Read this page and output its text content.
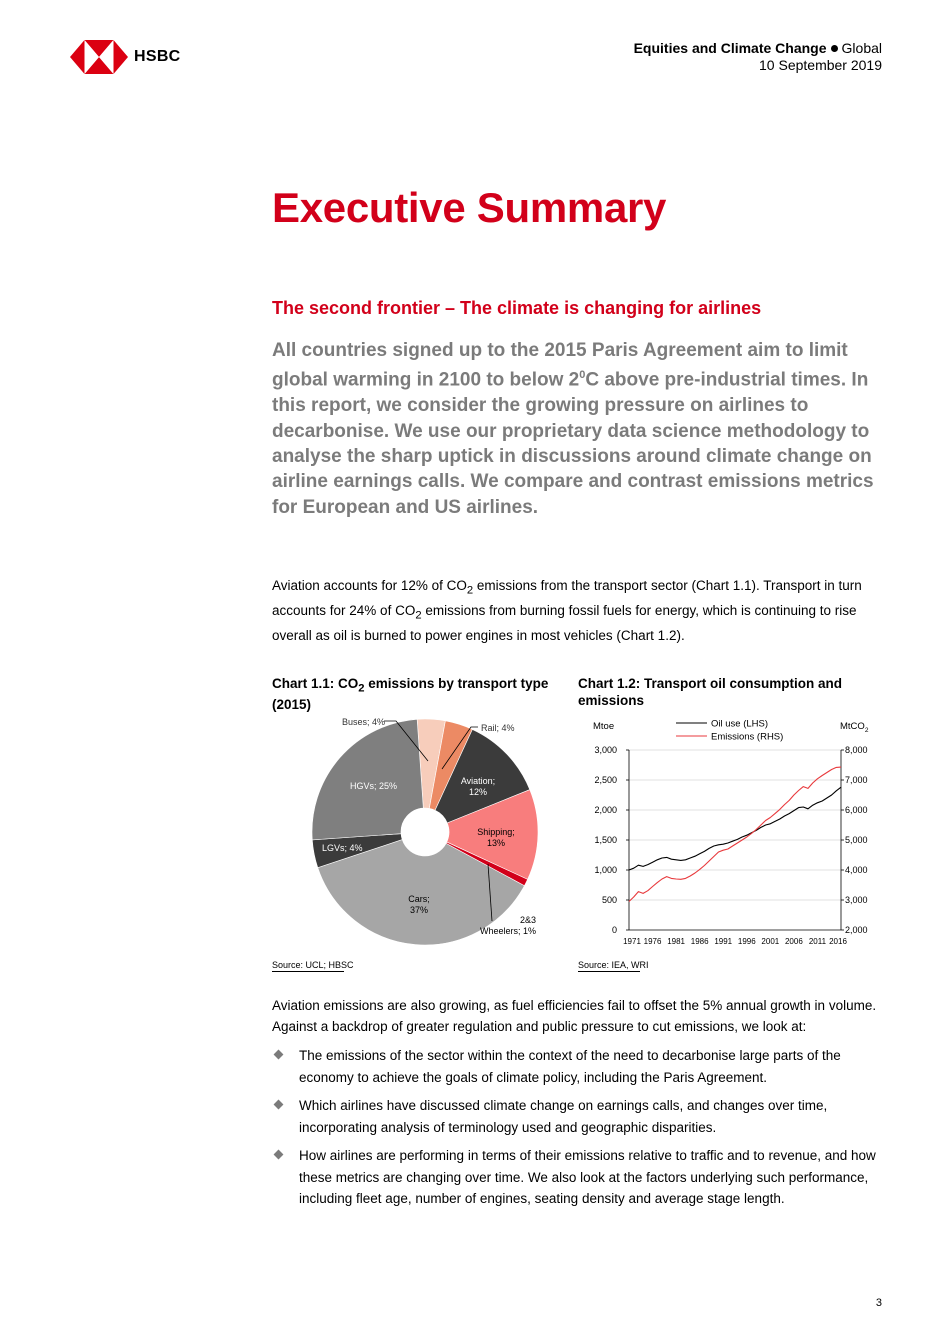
HSBC	Equities and Climate Change Global
10 September 2019
Executive Summary
The second frontier – The climate is changing for airlines

All countries signed up to the 2015 Paris Agreement aim to limit global warming in 2100 to below $2^0C$ above pre-industrial times. In this report, we consider the growing pressure on airlines to decarbonise. We use our proprietary data science methodology to analyse the sharp uptick in discussions around climate change on airline earnings calls. We compare and contrast emissions metrics for European and US airlines.

Aviation accounts for 12% of $CO_2$ emissions from the transport sector (Chart 1.1). Transport in turn accounts for 24% of $CO_2$ emissions from burning fossil fuels for energy, which is continuing to rise overall as oil is burned to power engines in most vehicles (Chart 1.2).

Chart 1.1: $CO_2$ emissions by transport type (2015)
Buses; 4%
Rail; 4%
Aviation; 12%
Shipping; 13%
2&3 Wheelers; 1%
Cars; 37%
LGVs; 4%
HGVs; 25%
Source: UCL; HBSC
Chart 1.2: Transport oil consumption and emissions
0
500
1,000
1,500
2,000
2,500
3,000
2,000
3,000
4,000
5,000
6,000
7,000
8,000
1971 1976 1981 1986 1991 1996 2001 2006 2011 2016
Mtoe	MtCO$_2$
Oil use (LHS)
Emissions (RHS)
Source: IEA, WRI

Aviation emissions are also growing, as fuel efficiencies fail to offset the 5% annual growth in volume. Against a backdrop of greater regulation and public pressure to cut emissions, we look at:

The emissions of the sector within the context of the need to decarbonise large parts of the economy to achieve the goals of climate policy, including the Paris Agreement.
Which airlines have discussed climate change on earnings calls, and changes over time, incorporating analysis of terminology used and geographic disparities.
How airlines are performing in terms of their emissions relative to traffic and to revenue, and how these metrics are changing over time. We also look at the factors underlying such performance, including fleet age, number of engines, seating density and average stage length.
3
